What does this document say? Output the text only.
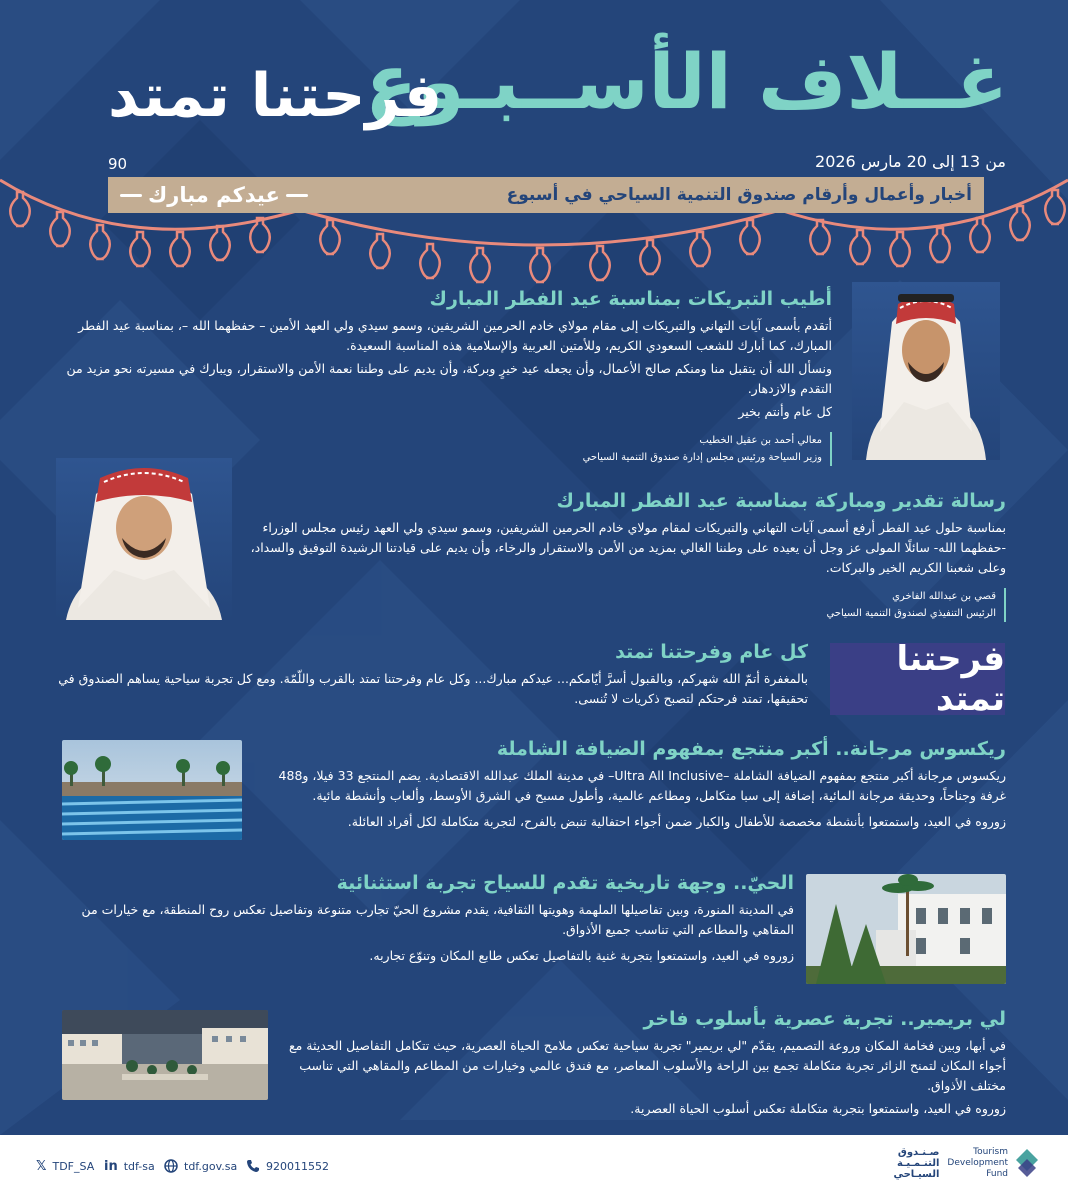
غــلاف الأســبـوع
فرحتنا تمتد
من 13 إلى 20 مارس 2026
90
أخبار وأعمال وأرقام صندوق التنمية السياحي في أسبوع
عيدكم مبارك
أطيب التبريكات بمناسبة عيد الفطر المبارك

أتقدم بأسمى آيات التهاني والتبريكات إلى مقام مولاي خادم الحرمين الشريفين، وسمو سيدي ولي العهد الأمين – حفظهما الله –، بمناسبة عيد الفطر المبارك، كما أبارك للشعب السعودي الكريم، وللأمتين العربية والإسلامية هذه المناسبة السعيدة.

ونسأل الله أن يتقبل منا ومنكم صالح الأعمال، وأن يجعله عيد خيرٍ وبركة، وأن يديم على وطننا نعمة الأمن والاستقرار، ويبارك في مسيرته نحو مزيد من التقدم والازدهار.

كل عام وأنتم بخير

معالي أحمد بن عقيل الخطيب
وزير السياحة ورئيس مجلس إدارة صندوق التنمية السياحي
رسالة تقدير ومباركة بمناسبة عيد الفطر المبارك

بمناسبة حلول عيد الفطر أرفع أسمى آيات التهاني والتبريكات لمقام مولاي خادم الحرمين الشريفين، وسمو سيدي ولي العهد رئيس مجلس الوزراء -حفظهما الله- سائلًا المولى عز وجل أن يعيده على وطننا الغالي بمزيد من الأمن والاستقرار والرخاء، وأن يديم على قيادتنا الرشيدة التوفيق والسداد، وعلى شعبنا الكريم الخير والبركات.

قصي بن عبدالله الفاخري
الرئيس التنفيذي لصندوق التنمية السياحي
كل عام وفرحتنا تمتد

بالمغفرة أتمّ الله شهركم، وبالقبول أسرَّ أيّامكم... عيدكم مبارك... وكل عام وفرحتنا تمتد بالقرب واللّمّة. ومع كل تجربة سياحية يساهم الصندوق في تحقيقها، تمتد فرحتكم لتصبح ذكريات لا تُنسى.

فرحتنا تمتد
ريكسوس مرجانة.. أكبر منتجع بمفهوم الضيافة الشاملة

ريكسوس مرجانة أكبر منتجع بمفهوم الضيافة الشاملة –Ultra All Inclusive– في مدينة الملك عبدالله الاقتصادية. يضم المنتجع 33 فيلا، و488 غرفة وجناحاً، وحديقة مرجانة المائية، إضافة إلى سبا متكامل، ومطاعم عالمية، وأطول مسبح في الشرق الأوسط، وألعاب وأنشطة مائية.

زوروه في العيد، واستمتعوا بأنشطة مخصصة للأطفال والكبار ضمن أجواء احتفالية تنبض بالفرح، لتجربة متكاملة لكل أفراد العائلة.

الحيّ.. وجهة تاريخية تقدم للسياح تجربة استثنائية

في المدينة المنورة، وبين تفاصيلها الملهمة وهويتها الثقافية، يقدم مشروع الحيّ تجارب متنوعة وتفاصيل تعكس روح المنطقة، مع خيارات من المقاهي والمطاعم التي تناسب جميع الأذواق.

زوروه في العيد، واستمتعوا بتجربة غنية بالتفاصيل تعكس طابع المكان وتنوّع تجاربه.

لي بريمير.. تجربة عصرية بأسلوب فاخر

في أبها، وبين فخامة المكان وروعة التصميم، يقدّم "لي بريمير" تجربة سياحية تعكس ملامح الحياة العصرية، حيث تتكامل التفاصيل الحديثة مع أجواء المكان لتمنح الزائر تجربة متكاملة تجمع بين الراحة والأسلوب المعاصر، مع فندق عالمي وخيارات من المطاعم والمقاهي التي تناسب مختلف الأذواق.

زوروه في العيد، واستمتعوا بتجربة متكاملة تعكس أسلوب الحياة العصرية.

𝕏 TDF_SA in tdf-sa	tdf.gov.sa	920011552
Tourism
Development
Fund
صـنـدوق
التنـمـيـة
السيـاحي
